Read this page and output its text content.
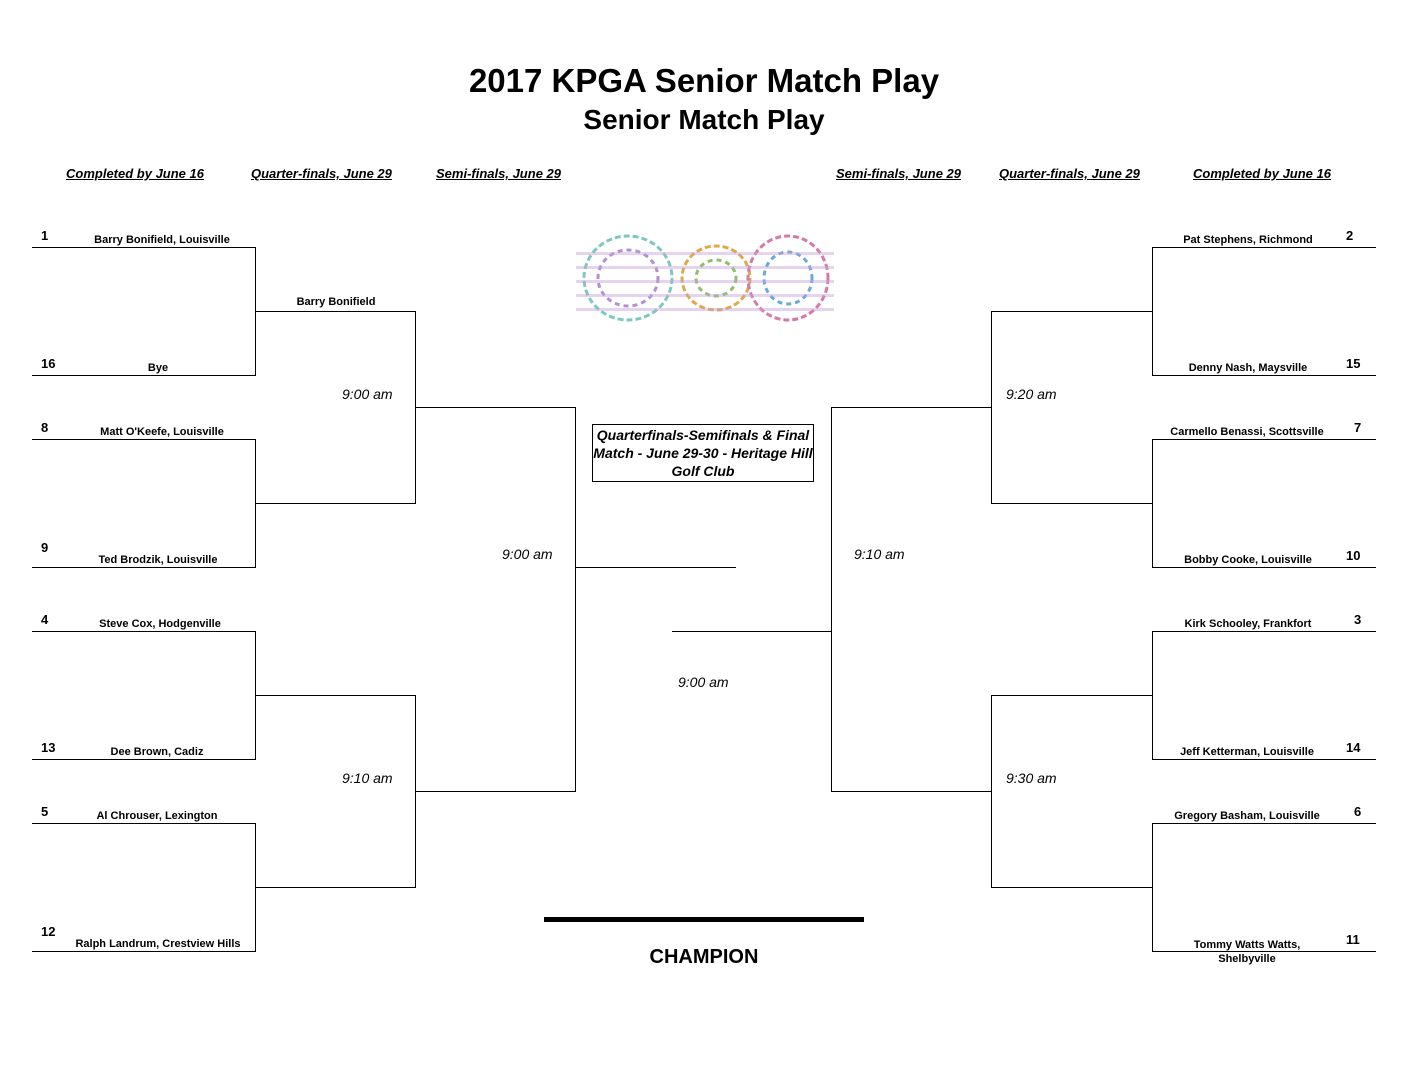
2017 KPGA Senior Match Play
Senior Match Play
Completed by June 16	Quarter-finals, June 29	Semi-finals, June 29	Semi-finals, June 29	Quarter-finals, June 29	Completed by June 16
1
16
8
9
4
13
5
12
Barry Bonifield, Louisville
Bye
Matt O'Keefe, Louisville
Ted Brodzik, Louisville
Steve Cox, Hodgenville
Dee Brown, Cadiz
Al Chrouser, Lexington
Ralph Landrum, Crestview Hills
Barry Bonifield
9:00 am
9:10 am
9:00 am
2
15
7
10
3
14
6
11
Pat Stephens, Richmond
Denny Nash, Maysville
Carmello Benassi, Scottsville
Bobby Cooke, Louisville
Kirk Schooley, Frankfort
Jeff Ketterman, Louisville
Gregory Basham, Louisville
Tommy Watts Watts, Shelbyville
9:20 am
9:30 am
9:10 am
9:00 am
Quarterfinals-Semifinals & Final Match - June 29-30 - Heritage Hill Golf Club
CHAMPION
